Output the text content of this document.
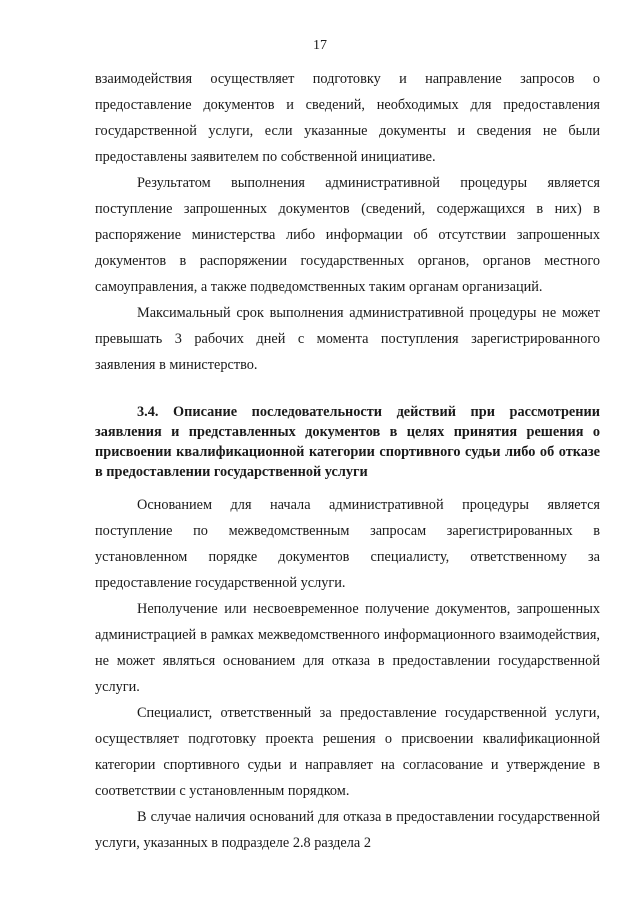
17

взаимодействия осуществляет подготовку и направление запросов о предоставление документов и сведений, необходимых для предоставления государственной услуги, если указанные документы и сведения не были предоставлены заявителем по собственной инициативе.

Результатом выполнения административной процедуры является поступление запрошенных документов (сведений, содержащихся в них) в распоряжение министерства либо информации об отсутствии запрошенных документов в распоряжении государственных органов, органов местного самоуправления, а также подведомственных таким органам организаций.

Максимальный срок выполнения административной процедуры не может превышать 3 рабочих дней с момента поступления зарегистрированного заявления в министерство.

3.4. Описание последовательности действий при рассмотрении заявления и представленных документов в целях принятия решения о присвоении квалификационной категории спортивного судьи либо об отказе в предоставлении государственной услуги

Основанием для начала административной процедуры является поступление по межведомственным запросам зарегистрированных в установленном порядке документов специалисту, ответственному за предоставление государственной услуги.

Неполучение или несвоевременное получение документов, запрошенных администрацией в рамках межведомственного информационного взаимодействия, не может являться основанием для отказа в предоставлении государственной услуги.

Специалист, ответственный за предоставление государственной услуги, осуществляет подготовку проекта решения о присвоении квалификационной категории спортивного судьи и направляет на согласование и утверждение в соответствии с установленным порядком.

В случае наличия оснований для отказа в предоставлении государственной услуги, указанных в подразделе 2.8 раздела 2
